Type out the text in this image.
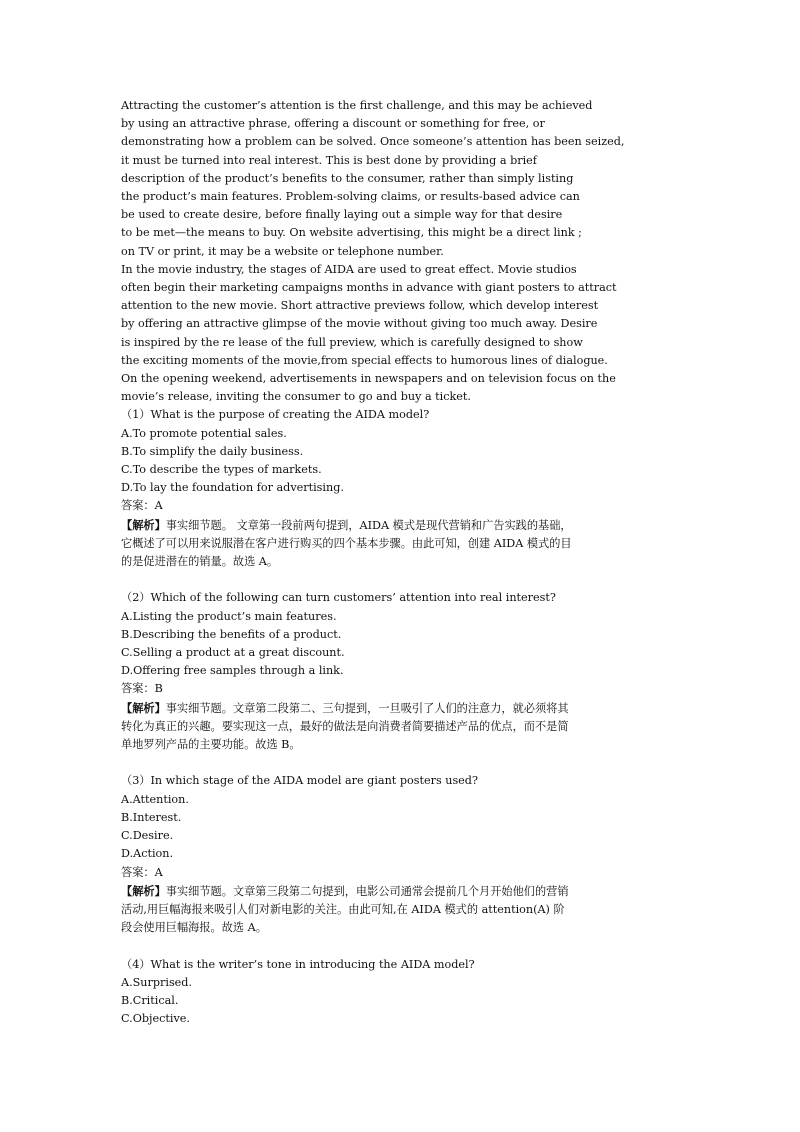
Attracting the customer’s attention is the first challenge, and this may be achieved
by using an attractive phrase, offering a discount or something for free, or
demonstrating how a problem can be solved. Once someone’s attention has been seized,
it must be turned into real interest. This is best done by providing a brief
description of the product’s benefits to the consumer, rather than simply listing
the product’s main features. Problem-solving claims, or results-based advice can
be used to create desire, before finally laying out a simple way for that desire
to be met—the means to buy. On website advertising, this might be a direct link ;
on TV or print, it may be a website or telephone number.
In the movie industry, the stages of AIDA are used to great effect. Movie studios
often begin their marketing campaigns months in advance with giant posters to attract
attention to the new movie. Short attractive previews follow, which develop interest
by offering an attractive glimpse of the movie without giving too much away. Desire
is inspired by the re lease of the full preview, which is carefully designed to show
the exciting moments of the movie,from special effects to humorous lines of dialogue.
On the opening weekend, advertisements in newspapers and on television focus on the
movie’s release, inviting the consumer to go and buy a ticket.
（1）What is the purpose of creating the AIDA model?
A.To promote potential sales.
B.To simplify the daily business.
C.To describe the types of markets.
D.To lay the foundation for advertising.
答案：A
【解析】事实细节题。 文章第一段前两句提到，AIDA 模式是现代营销和广告实践的基础，
它概述了可以用来说服潜在客户进行购买的四个基本步骤。由此可知，创建 AIDA 模式的目
的是促进潜在的销量。故选 A。
（2）Which of the following can turn customers’ attention into real interest?
A.Listing the product’s main features.
B.Describing the benefits of a product.
C.Selling a product at a great discount.
D.Offering free samples through a link.
答案：B
【解析】事实细节题。文章第二段第二、三句提到，一旦吸引了人们的注意力，就必须将其
转化为真正的兴趣。要实现这一点，最好的做法是向消费者简要描述产品的优点，而不是简
单地罗列产品的主要功能。故选 B。
（3）In which stage of the AIDA model are giant posters used?
A.Attention.
B.Interest.
C.Desire.
D.Action.
答案：A
【解析】事实细节题。文章第三段第二句提到，电影公司通常会提前几个月开始他们的营销
活动,用巨幅海报来吸引人们对新电影的关注。由此可知,在 AIDA 模式的 attention(A) 阶
段会使用巨幅海报。故选 A。
（4）What is the writer’s tone in introducing the AIDA model?
A.Surprised.
B.Critical.
C.Objective.
